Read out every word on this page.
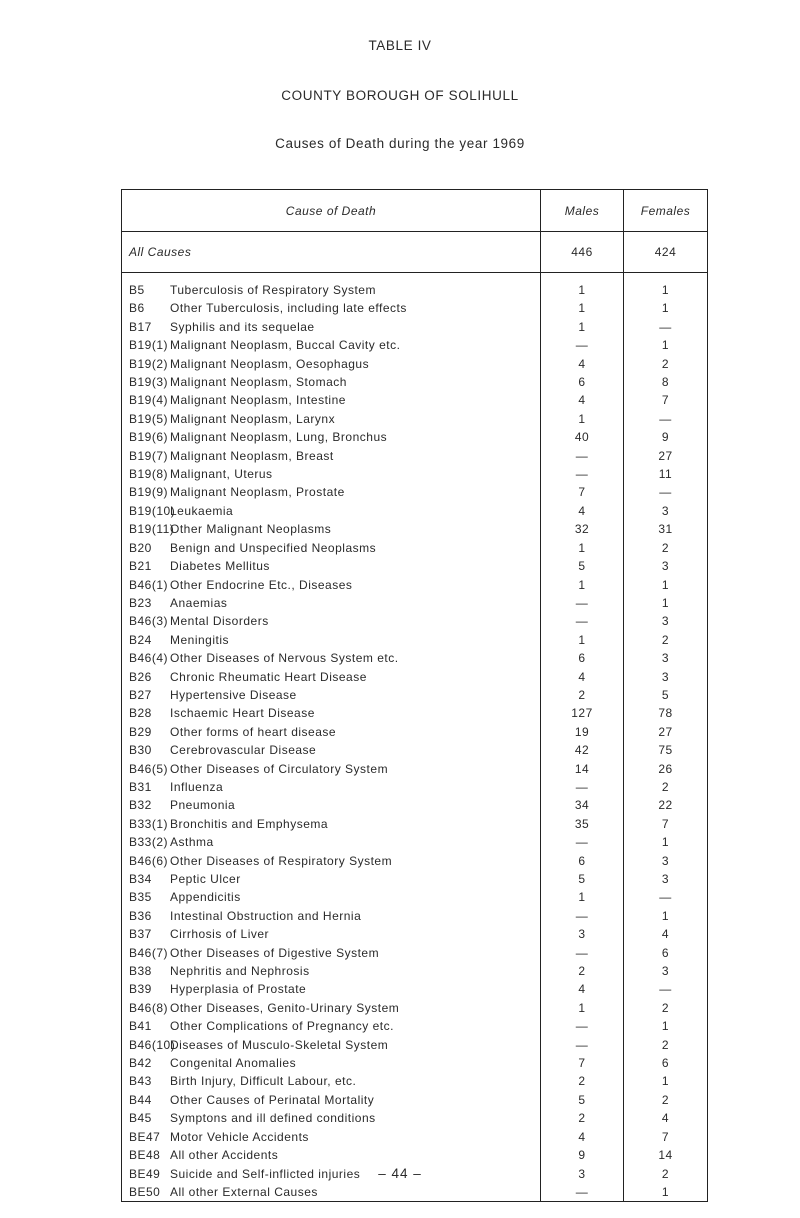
TABLE IV
COUNTY BOROUGH OF SOLIHULL
Causes of Death during the year 1969
Cause of Death	Males	Females
All Causes	446	424

B5 Tuberculosis of Respiratory System	1	1
B6 Other Tuberculosis, including late effects	1	1
B17 Syphilis and its sequelae	1	—
B19(1) Malignant Neoplasm, Buccal Cavity etc.	—	1
B19(2) Malignant Neoplasm, Oesophagus	4	2
B19(3) Malignant Neoplasm, Stomach	6	8
B19(4) Malignant Neoplasm, Intestine	4	7
B19(5) Malignant Neoplasm, Larynx	1	—
B19(6) Malignant Neoplasm, Lung, Bronchus	40	9
B19(7) Malignant Neoplasm, Breast	—	27
B19(8) Malignant, Uterus	—	11
B19(9) Malignant Neoplasm, Prostate	7	—
B19(10)Leukaemia	4	3
B19(11)Other Malignant Neoplasms	32	31
B20 Benign and Unspecified Neoplasms	1	2
B21 Diabetes Mellitus	5	3
B46(1) Other Endocrine Etc., Diseases	1	1
B23 Anaemias	—	1
B46(3) Mental Disorders	—	3
B24 Meningitis	1	2
B46(4) Other Diseases of Nervous System etc.	6	3
B26 Chronic Rheumatic Heart Disease	4	3
B27 Hypertensive Disease	2	5
B28 Ischaemic Heart Disease	127	78
B29 Other forms of heart disease	19	27
B30 Cerebrovascular Disease	42	75
B46(5) Other Diseases of Circulatory System	14	26
B31 Influenza	—	2
B32 Pneumonia	34	22
B33(1) Bronchitis and Emphysema	35	7
B33(2) Asthma	—	1
B46(6) Other Diseases of Respiratory System	6	3
B34 Peptic Ulcer	5	3
B35 Appendicitis	1	—
B36 Intestinal Obstruction and Hernia	—	1
B37 Cirrhosis of Liver	3	4
B46(7) Other Diseases of Digestive System	—	6
B38 Nephritis and Nephrosis	2	3
B39 Hyperplasia of Prostate	4	—
B46(8) Other Diseases, Genito-Urinary System	1	2
B41 Other Complications of Pregnancy etc.	—	1
B46(10)Diseases of Musculo-Skeletal System	—	2
B42 Congenital Anomalies	7	6
B43 Birth Injury, Difficult Labour, etc.	2	1
B44 Other Causes of Perinatal Mortality	5	2
B45 Symptons and ill defined conditions	2	4
BE47 Motor Vehicle Accidents	4	7
BE48 All other Accidents	9	14
BE49 Suicide and Self-inflicted injuries	3	2
BE50 All other External Causes	—	1
– 44 –
